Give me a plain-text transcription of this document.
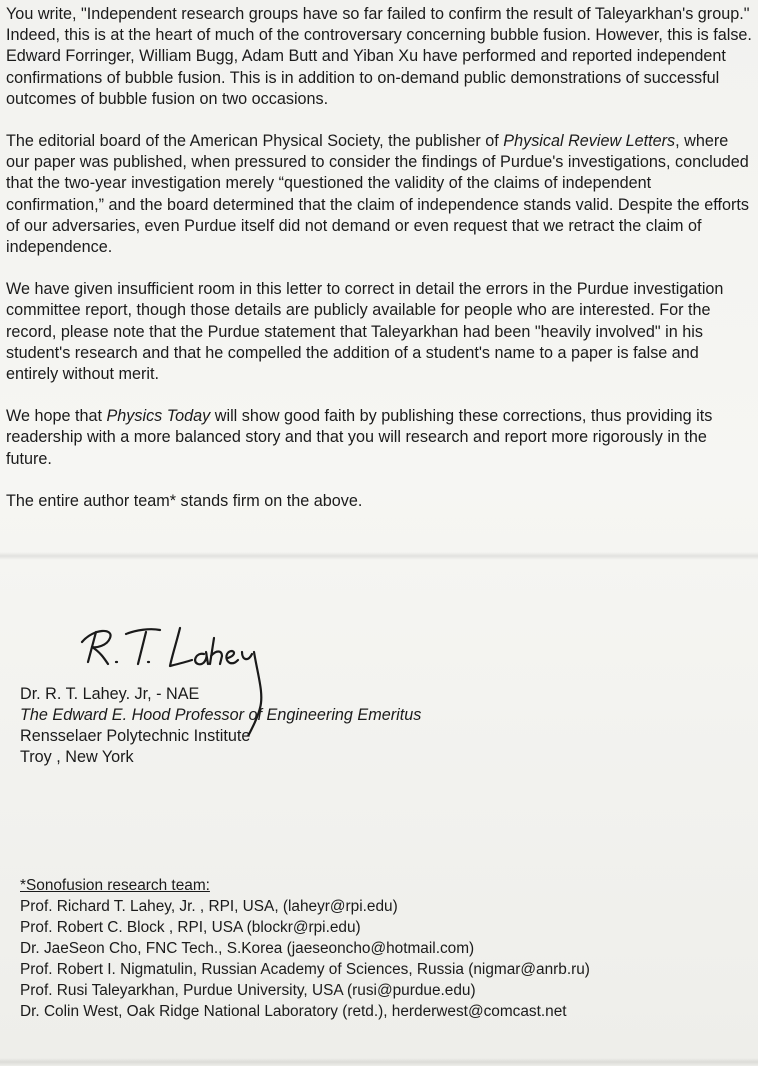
You write, "Independent research groups have so far failed to confirm the result of Taleyarkhan's group." Indeed, this is at the heart of much of the controversary concerning bubble fusion. However, this is false. Edward Forringer, William Bugg, Adam Butt and Yiban Xu have performed and reported independent confirmations of bubble fusion. This is in addition to on-demand public demonstrations of successful outcomes of bubble fusion on two occasions.

The editorial board of the American Physical Society, the publisher of Physical Review Letters, where our paper was published, when pressured to consider the findings of Purdue's investigations, concluded that the two-year investigation merely “questioned the validity of the claims of independent confirmation,” and the board determined that the claim of independence stands valid. Despite the efforts of our adversaries, even Purdue itself did not demand or even request that we retract the claim of independence.

We have given insufficient room in this letter to correct in detail the errors in the Purdue investigation committee report, though those details are publicly available for people who are interested. For the record, please note that the Purdue statement that Taleyarkhan had been "heavily involved" in his student's research and that he compelled the addition of a student's name to a paper is false and entirely without merit.

We hope that Physics Today will show good faith by publishing these corrections, thus providing its readership with a more balanced story and that you will research and report more rigorously in the future.

The entire author team* stands firm on the above.

Dr. R. T. Lahey. Jr, - NAE
The Edward E. Hood Professor of Engineering Emeritus
Rensselaer Polytechnic Institute
Troy , New York
*Sonofusion research team:
Prof. Richard T. Lahey, Jr. , RPI, USA, (laheyr@rpi.edu)
Prof. Robert C. Block , RPI, USA (blockr@rpi.edu)
Dr. JaeSeon Cho, FNC Tech., S.Korea (jaeseoncho@hotmail.com)
Prof. Robert I. Nigmatulin, Russian Academy of Sciences, Russia (nigmar@anrb.ru)
Prof. Rusi Taleyarkhan, Purdue University, USA (rusi@purdue.edu)
Dr. Colin West, Oak Ridge National Laboratory (retd.), herderwest@comcast.net
